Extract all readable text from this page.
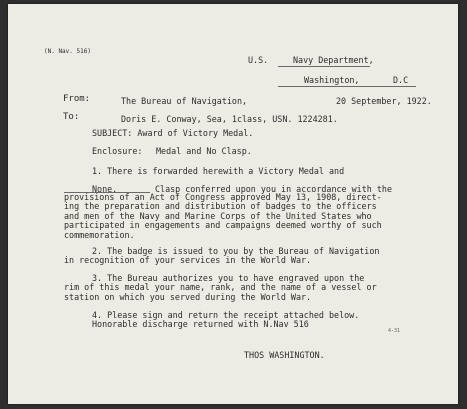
(N. Nav. 516)
U.S.	Navy Department,
Washington,	D.C
From:	The Bureau of Navigation,	20 September, 1922.
To:	Doris E. Conway, Sea, 1class, USN. 1224281.
SUBJECT: Award of Victory Medal.
Enclosure: Medal and No Clasp.
1. There is forwarded herewith a Victory Medal and
None.	Clasp conferred upon you in accordance with the
provisions of an Act of Congress approved May 13, 1908, direct-
ing the preparation and distribution of badges to the officers
and men of the Navy and Marine Corps of the United States who
participated in engagements and campaigns deemed worthy of such
commemoration.
2. The badge is issued to you by the Bureau of Navigation
in recognition of your services in the World War.
3. The Bureau authorizes you to have engraved upon the
rim of this medal your name, rank, and the name of a vessel or
station on which you served during the World War.
4. Please sign and return the receipt attached below.
Honorable discharge returned with N.Nav 516
4-31
THOS WASHINGTON.
